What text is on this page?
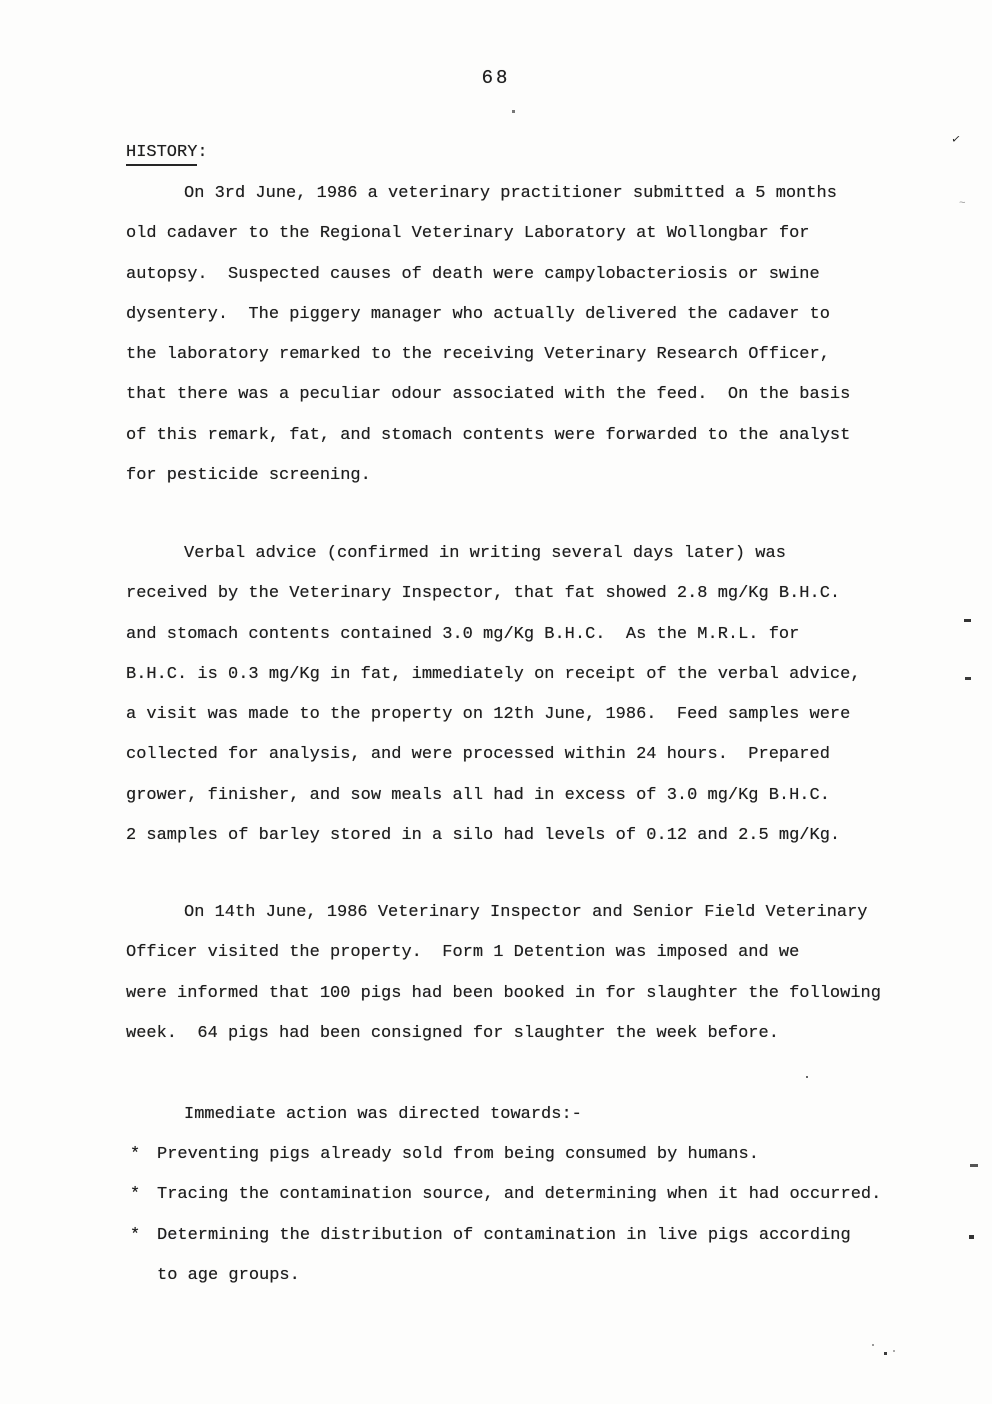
68
HISTORY:
On 3rd June, 1986 a veterinary practitioner submitted a 5 months
old cadaver to the Regional Veterinary Laboratory at Wollongbar for
autopsy.  Suspected causes of death were campylobacteriosis or swine
dysentery.  The piggery manager who actually delivered the cadaver to
the laboratory remarked to the receiving Veterinary Research Officer,
that there was a peculiar odour associated with the feed.  On the basis
of this remark, fat, and stomach contents were forwarded to the analyst
for pesticide screening.
Verbal advice (confirmed in writing several days later) was
received by the Veterinary Inspector, that fat showed 2.8 mg/Kg B.H.C.
and stomach contents contained 3.0 mg/Kg B.H.C.  As the M.R.L. for
B.H.C. is 0.3 mg/Kg in fat, immediately on receipt of the verbal advice,
a visit was made to the property on 12th June, 1986.  Feed samples were
collected for analysis, and were processed within 24 hours.  Prepared
grower, finisher, and sow meals all had in excess of 3.0 mg/Kg B.H.C.
2 samples of barley stored in a silo had levels of 0.12 and 2.5 mg/Kg.
On 14th June, 1986 Veterinary Inspector and Senior Field Veterinary
Officer visited the property.  Form 1 Detention was imposed and we
were informed that 100 pigs had been booked in for slaughter the following
week.  64 pigs had been consigned for slaughter the week before.
Immediate action was directed towards:-
* Preventing pigs already sold from being consumed by humans.
* Tracing the contamination source, and determining when it had occurred.
* Determining the distribution of contamination in live pigs according
to age groups.
✓
~
